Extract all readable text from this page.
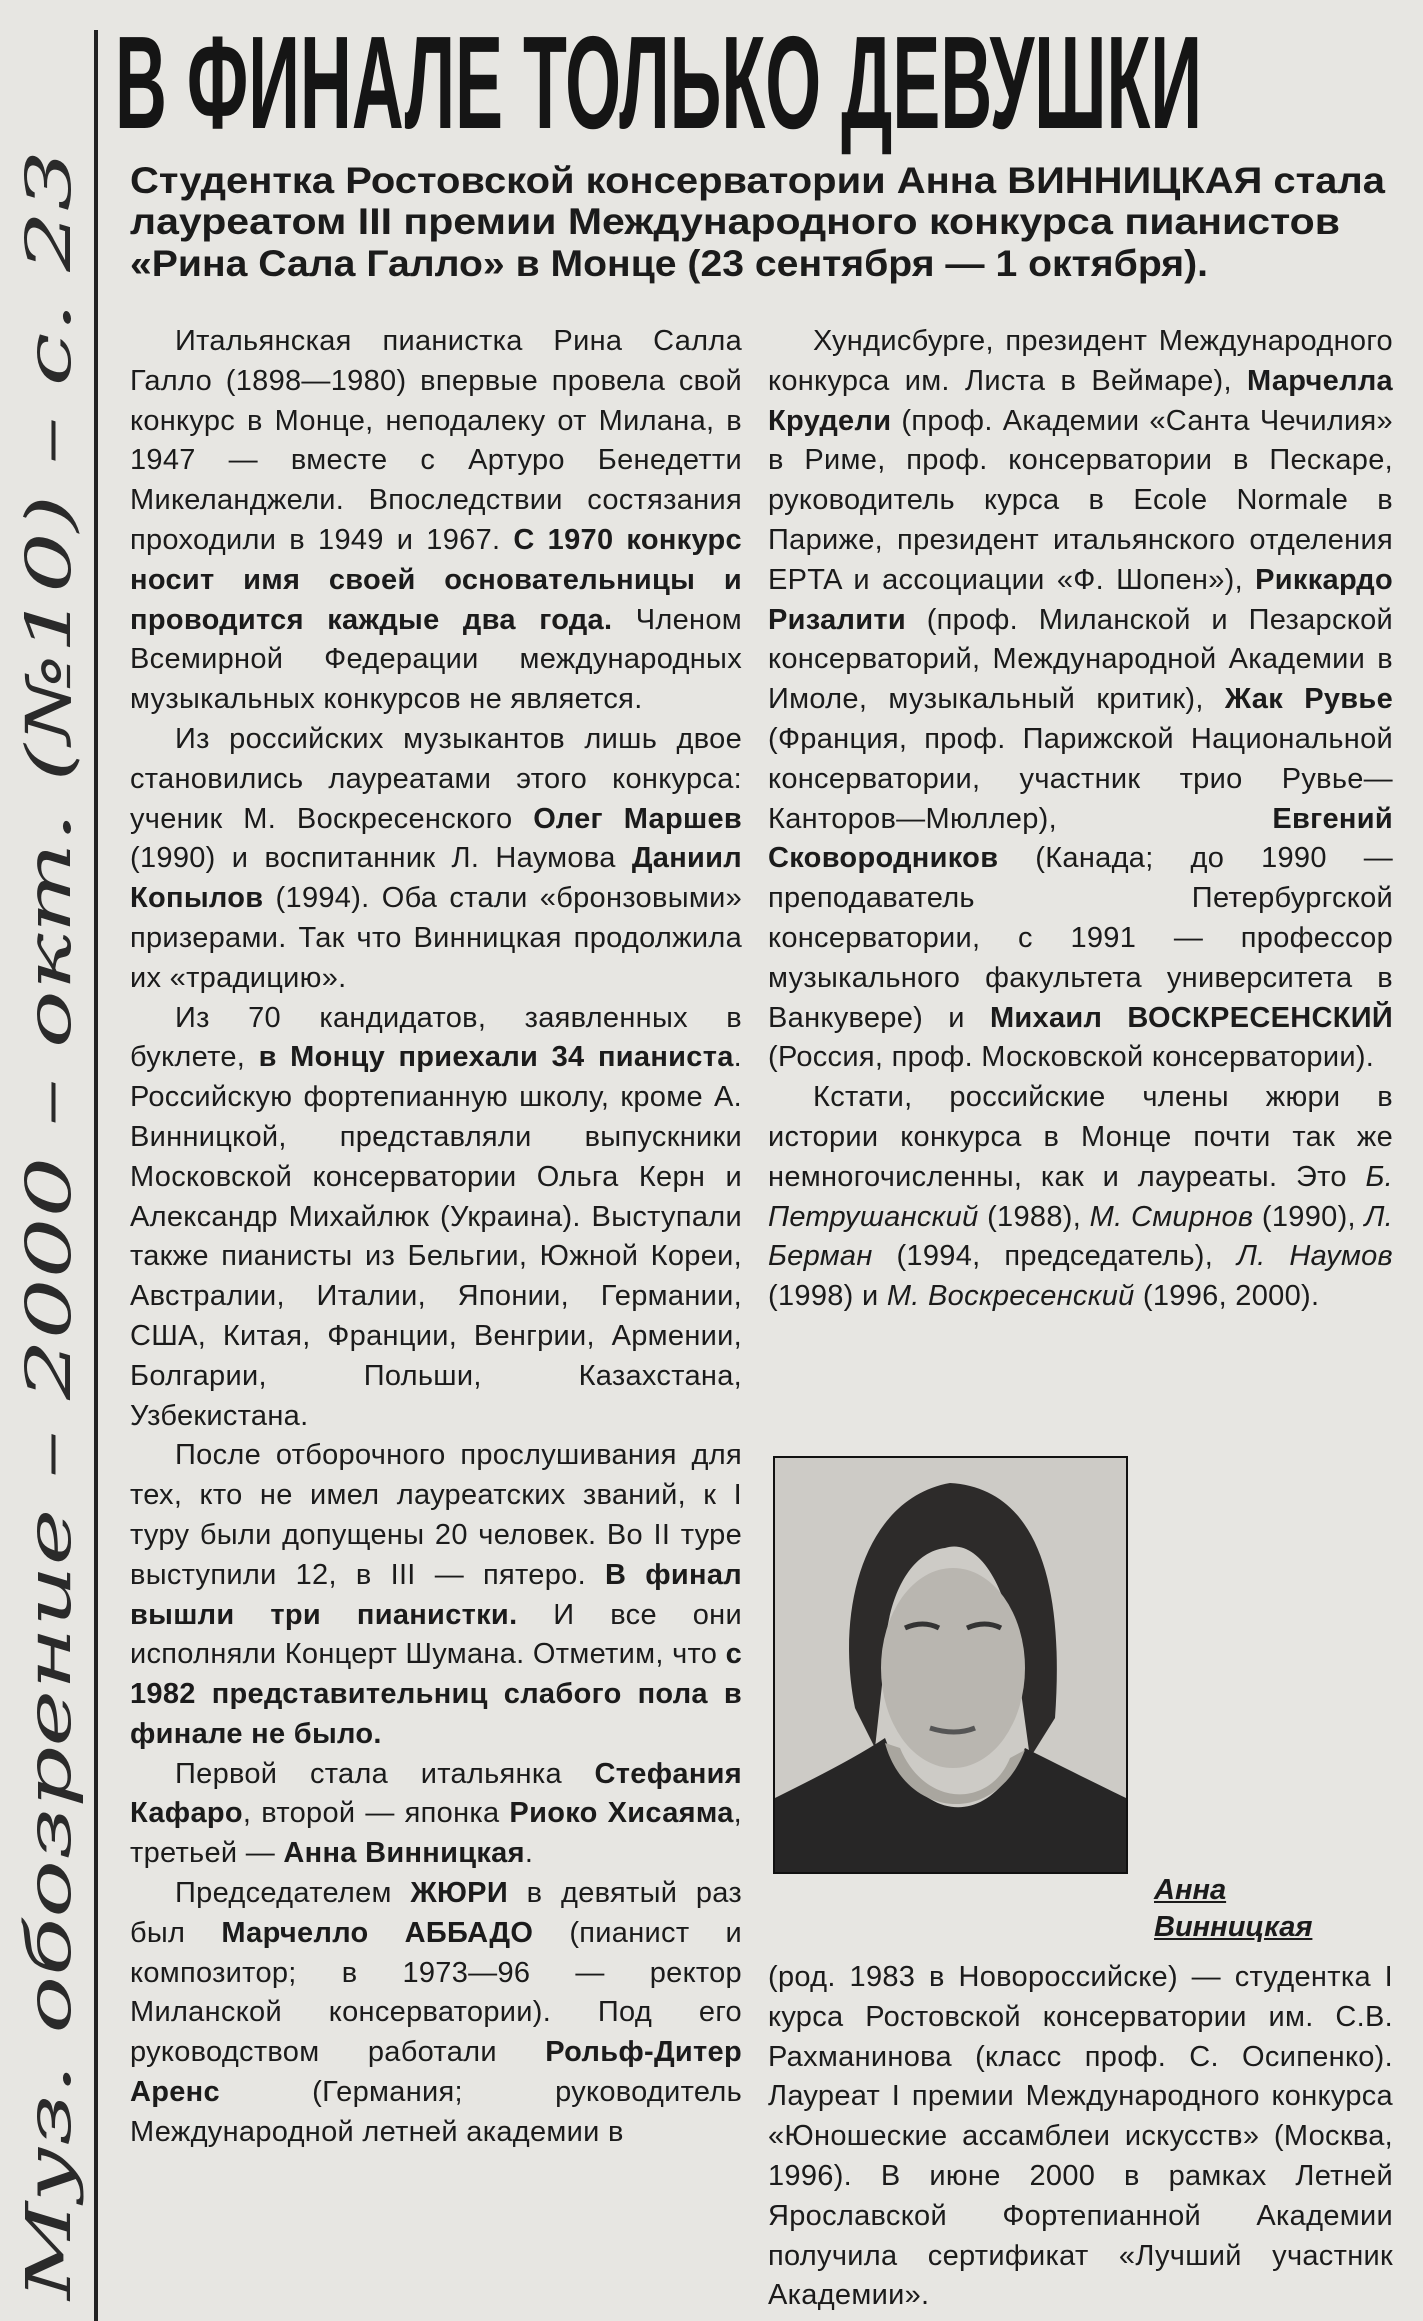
Муз. обозрение – 2000 – окт. (№10) – с. 23
В ФИНАЛЕ ТОЛЬКО ДЕВУШКИ
Студентка Ростовской консерватории Анна ВИННИЦКАЯ стала
лауреатом III премии Международного конкурса пианистов
«Рина Сала Галло» в Монце (23 сентября — 1 октября).

Итальянская пианистка Рина Салла Галло (1898—1980) впервые провела свой конкурс в Монце, неподалеку от Милана, в 1947 — вместе с Артуро Бенедетти Микеланджели. Впоследствии состязания проходили в 1949 и 1967. С 1970 конкурс носит имя своей основательницы и проводится каждые два года. Членом Всемирной Федерации международных музыкальных конкурсов не является.

Из российских музыкантов лишь двое становились лауреатами этого конкурса: ученик М. Воскресенского Олег Маршев (1990) и воспитанник Л. Наумова Даниил Копылов (1994). Оба стали «бронзовыми» призерами. Так что Винницкая продолжила их «традицию».

Из 70 кандидатов, заявленных в буклете, в Монцу приехали 34 пианиста. Российскую фортепианную школу, кроме А. Винницкой, представляли выпускники Московской консерватории Ольга Керн и Александр Михайлюк (Украина). Выступали также пианисты из Бельгии, Южной Кореи, Австралии, Италии, Японии, Германии, США, Китая, Франции, Венгрии, Армении, Болгарии, Польши, Казахстана, Узбекистана.

После отборочного прослушивания для тех, кто не имел лауреатских званий, к I туру были допущены 20 человек. Во II туре выступили 12, в III — пятеро. В финал вышли три пианистки. И все они исполняли Концерт Шумана. Отметим, что с 1982 представительниц слабого пола в финале не было.

Первой стала итальянка Стефания Кафаро, второй — японка Риоко Хисаяма, третьей — Анна Винницкая.

Председателем ЖЮРИ в девятый раз был Марчелло АББАДО (пианист и композитор; в 1973—96 — ректор Миланской консерватории). Под его руководством работали Рольф-Дитер Аренс (Германия; руководитель Международной летней академии в

Хундисбурге, президент Международного конкурса им. Листа в Веймаре), Марчелла Крудели (проф. Академии «Санта Чечилия» в Риме, проф. консерватории в Пескаре, руководитель курса в Ecole Normale в Париже, президент итальянского отделения EPTA и ассоциации «Ф. Шопен»), Риккардо Ризалити (проф. Миланской и Пезарской консерваторий, Международной Академии в Имоле, музыкальный критик), Жак Рувье (Франция, проф. Парижской Национальной консерватории, участник трио Рувье—Канторов—Мюллер), Евгений Сковородников (Канада; до 1990 — преподаватель Петербургской консерватории, с 1991 — профессор музыкального факультета университета в Ванкувере) и Михаил ВОСКРЕСЕНСКИЙ (Россия, проф. Московской консерватории).

Кстати, российские члены жюри в истории конкурса в Монце почти так же немногочисленны, как и лауреаты. Это Б. Петрушанский (1988), М. Смирнов (1990), Л. Берман (1994, председатель), Л. Наумов (1998) и М. Воскресенский (1996, 2000).

Анна
Винницкая
(род. 1983 в Новороссийске) — студентка I курса Ростовской консерватории им. С.В. Рахманинова (класс проф. С. Осипенко). Лауреат I премии Международного конкурса «Юношеские ассамблеи искусств» (Москва, 1996). В июне 2000 в рамках Летней Ярославской Фортепианной Академии получила сертификат «Лучший участник Академии».
